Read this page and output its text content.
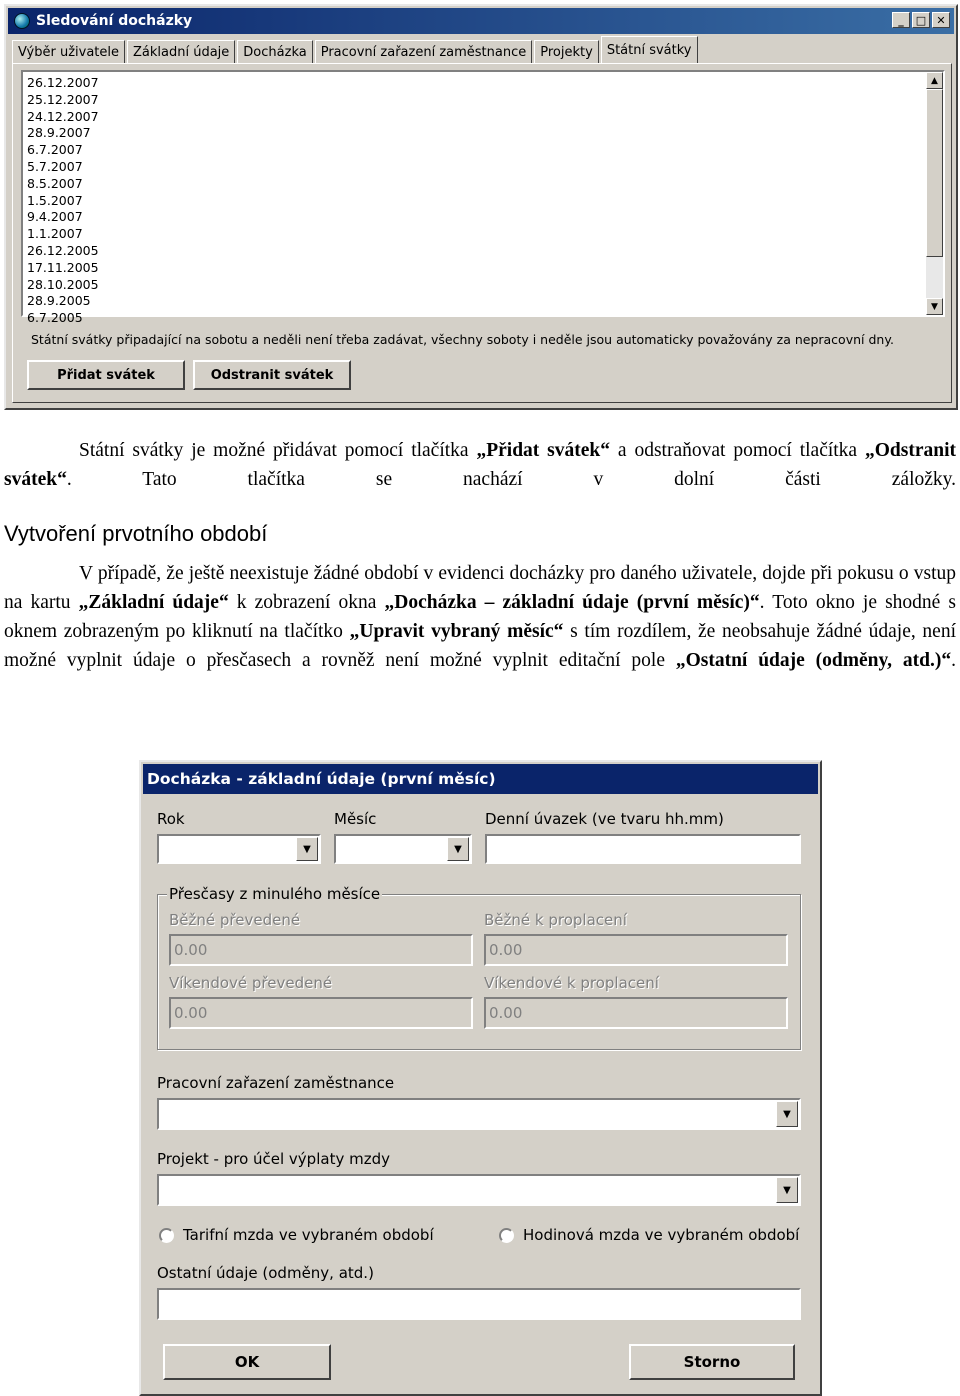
Sledování docházky	_	□ ✕
Výběr uživatele	Základní údaje	Docházka	Pracovní zařazení zaměstnance	Projekty	Státní svátky
26.12.2007
25.12.2007
24.12.2007
28.9.2007
6.7.2007
5.7.2007
8.5.2007
1.5.2007
9.4.2007
1.1.2007
26.12.2005
17.11.2005
28.10.2005
28.9.2005
6.7.2005
▲
▼
Státní svátky připadající na sobotu a neděli není třeba zadávat, všechny soboty i neděle jsou automaticky považovány za nepracovní dny.
Přidat svátek	Odstranit svátek
Státní svátky je možné přidávat pomocí tlačítka „Přidat svátek“ a odstraňovat pomocí tlačítka „Odstranit svátek“. Tato tlačítka se nachází v dolní části záložky.
Vytvoření prvotního období
V případě, že ještě neexistuje žádné období v evidenci docházky pro daného uživatele, dojde při pokusu o vstup na kartu „Základní údaje“ k zobrazení okna „Docházka – základní údaje (první měsíc)“. Toto okno je shodné s oknem zobrazeným po kliknutí na tlačítko „Upravit vybraný měsíc“ s tím rozdílem, že neobsahuje žádné údaje, není možné vyplnit údaje o přesčasech a rovněž není možné vyplnit editační pole „Ostatní údaje (odměny, atd.)“.
Docházka - základní údaje (první měsíc)
Rok
▼
Měsíc
▼
Denní úvazek (ve tvaru hh.mm)
Přesčasy z minulého měsíce
Běžné převedené
0.00
Běžné k proplacení
0.00
Víkendové převedené
0.00
Víkendové k proplacení
0.00
Pracovní zařazení zaměstnance
▼
Projekt - pro účel výplaty mzdy
▼
Tarifní mzda ve vybraném období	Hodinová mzda ve vybraném období
Ostatní údaje (odměny, atd.)
OK	Storno
